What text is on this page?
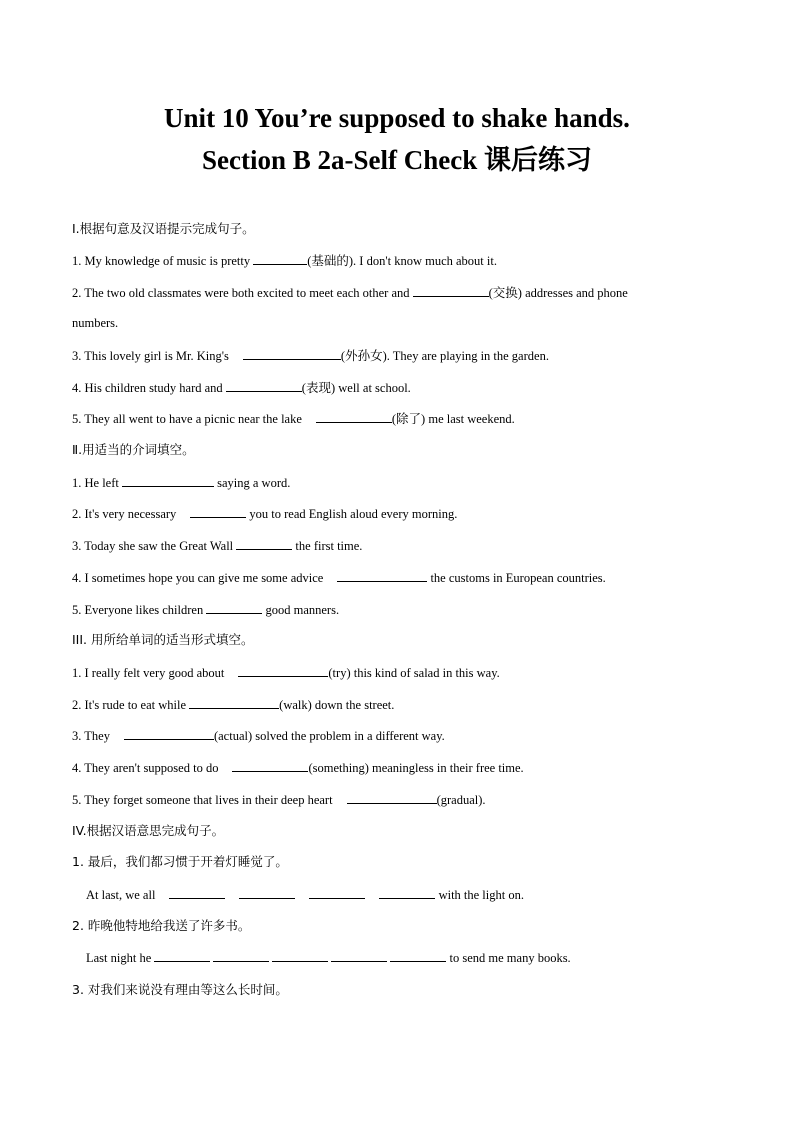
Unit 10 You’re supposed to shake hands.
Section B 2a-Self Check 课后练习
Ⅰ.根据句意及汉语提示完成句子。
1. My knowledge of music is pretty	(基础的). I don't know much about it.
2. The two old classmates were both excited to meet each other and	(交换) addresses and phone
numbers.
3. This lovely girl is Mr. King's	(外孙女). They are playing in the garden.
4. His children study hard and	(表现) well at school.
5. They all went to have a picnic near the lake	(除了) me last weekend.
Ⅱ.用适当的介词填空。
1. He left	saying a word.
2. It's very necessary	you to read English aloud every morning.
3. Today she saw the Great Wall	the first time.
4. I sometimes hope you can give me some advice	the customs in European countries.
5. Everyone likes children	good manners.
III. 用所给单词的适当形式填空。
1. I really felt very good about	(try) this kind of salad in this way.
2. It's rude to eat while	(walk) down the street.
3. They	(actual) solved the problem in a different way.
4. They aren't supposed to do	(something) meaningless in their free time.
5. They forget someone that lives in their deep heart	(gradual).
IV.根据汉语意思完成句子。
1. 最后，我们都习惯于开着灯睡觉了。
At last, we all	with the light on.
2. 昨晚他特地给我送了许多书。
Last night he	to send me many books.
3. 对我们来说没有理由等这么长时间。
